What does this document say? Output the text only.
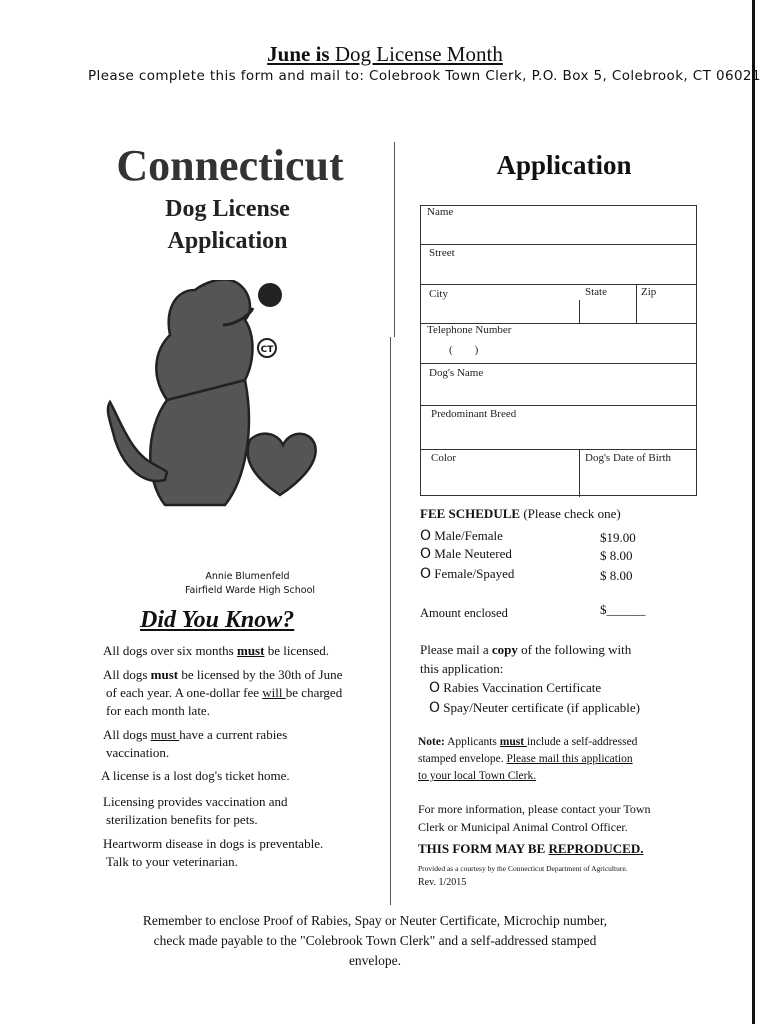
June is Dog License Month
Please complete this form and mail to: Colebrook Town Clerk, P.O. Box 5, Colebrook, CT 06021
Connecticut
Dog License
Application
CT
Annie Blumenfeld
Fairfield Warde High School
Did You Know?
All dogs over six months must be licensed.
All dogs must be licensed by the 30th of June
of each year. A one-dollar fee will be charged
for each month late.
All dogs must have a current rabies
vaccination.
A license is a lost dog's ticket home.
Licensing provides vaccination and
sterilization benefits for pets.
Heartworm disease in dogs is preventable.
Talk to your veterinarian.
Application
Name
Street
City	State	Zip
Telephone Number
(        )
Dog's Name
Predominant Breed
Color	Dog's Date of Birth
FEE SCHEDULE (Please check one)
O Male/Female	$19.00
O Male Neutered	$ 8.00
O Female/Spayed	$ 8.00
Amount enclosed	$______
Please mail a copy of the following with
this application:
O Rabies Vaccination Certificate
O Spay/Neuter certificate (if applicable)
Note: Applicants must include a self-addressed
stamped envelope. Please mail this application
to your local Town Clerk.
For more information, please contact your Town
Clerk or Municipal Animal Control Officer.
THIS FORM MAY BE REPRODUCED.
Provided as a courtesy by the Connecticut Department of Agriculture.
Rev. 1/2015
Remember to enclose Proof of Rabies, Spay or Neuter Certificate, Microchip number,
check made payable to the "Colebrook Town Clerk" and a self-addressed stamped
envelope.
